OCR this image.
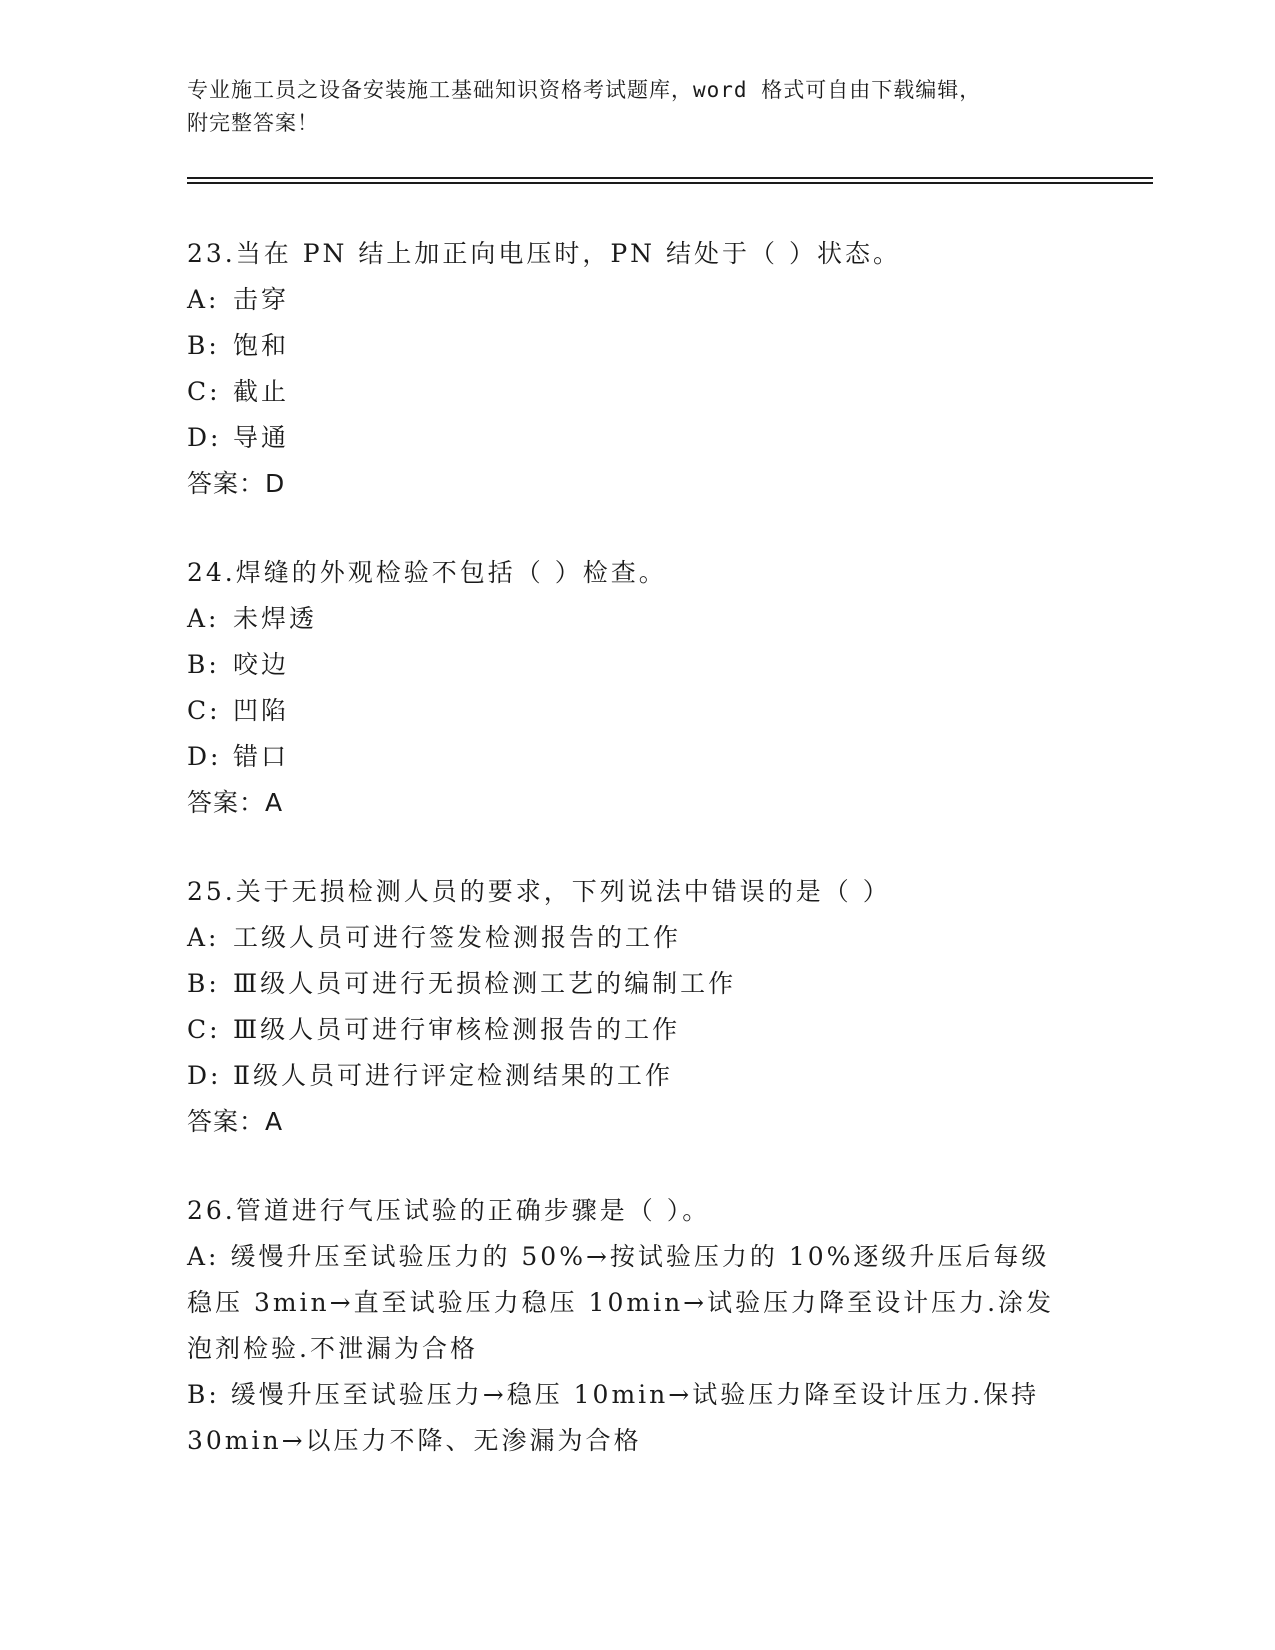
专业施工员之设备安装施工基础知识资格考试题库，word 格式可自由下载编辑，
附完整答案！
23.当在 PN 结上加正向电压时，PN 结处于（ ）状态。
A: 击穿
B: 饱和
C: 截止
D: 导通
答案：D
24.焊缝的外观检验不包括（ ）检查。
A: 未焊透
B: 咬边
C: 凹陷
D: 错口
答案：A
25.关于无损检测人员的要求，下列说法中错误的是（ ）
A: 工级人员可进行签发检测报告的工作
B: Ⅲ级人员可进行无损检测工艺的编制工作
C: Ⅲ级人员可进行审核检测报告的工作
D: Ⅱ级人员可进行评定检测结果的工作
答案：A
26.管道进行气压试验的正确步骤是（ ）。
A: 缓慢升压至试验压力的 50%→按试验压力的 10%逐级升压后每级稳压 3min→直至试验压力稳压 10min→试验压力降至设计压力.涂发泡剂检验.不泄漏为合格
B: 缓慢升压至试验压力→稳压 10min→试验压力降至设计压力.保持 30min→以压力不降、无渗漏为合格
